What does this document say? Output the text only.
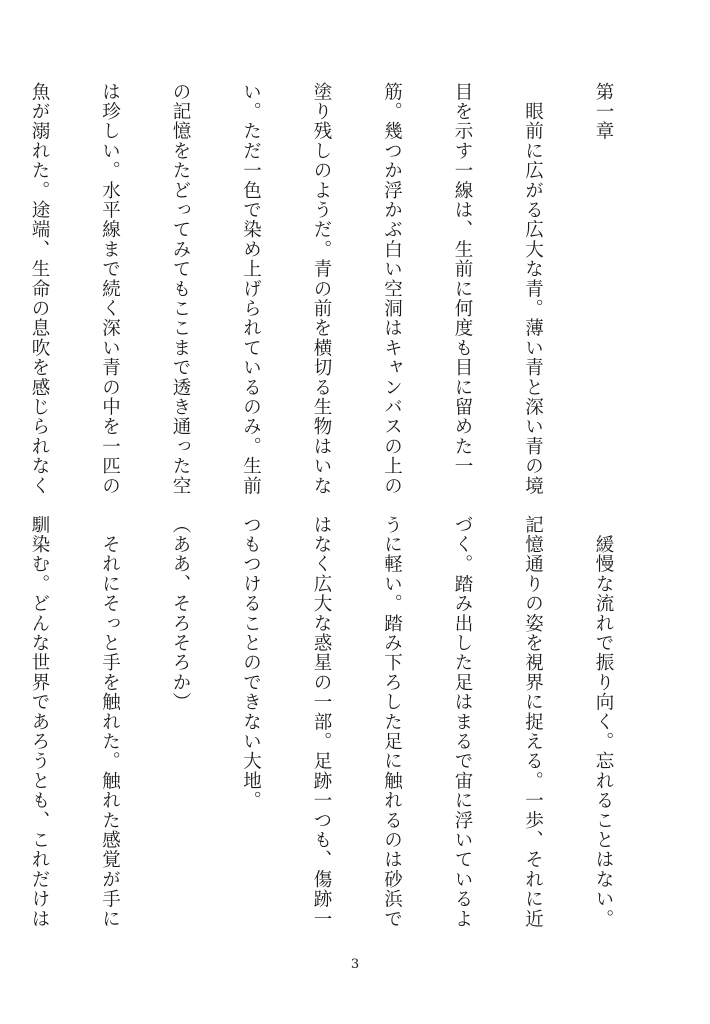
第一章

　眼前に広がる広大な青。薄い青と深い青の境

目を示す一線は、生前に何度も目に留めた一

筋。幾つか浮かぶ白い空洞はキャンバスの上の

塗り残しのようだ。青の前を横切る生物はいな

い。ただ一色で染め上げられているのみ。生前

の記憶をたどってみてもここまで透き通った空

は珍しい。水平線まで続く深い青の中を一匹の

魚が溺れた。途端、生命の息吹を感じられなく

　緩慢な流れで振り向く。忘れることはない。

記憶通りの姿を視界に捉える。一歩、それに近

づく。踏み出した足はまるで宙に浮いているよ

うに軽い。踏み下ろした足に触れるのは砂浜で

はなく広大な惑星の一部。足跡一つも、傷跡一

つもつけることのできない大地。

（ああ、そろそろか）

　それにそっと手を触れた。触れた感覚が手に

馴染む。どんな世界であろうとも、これだけは

3
